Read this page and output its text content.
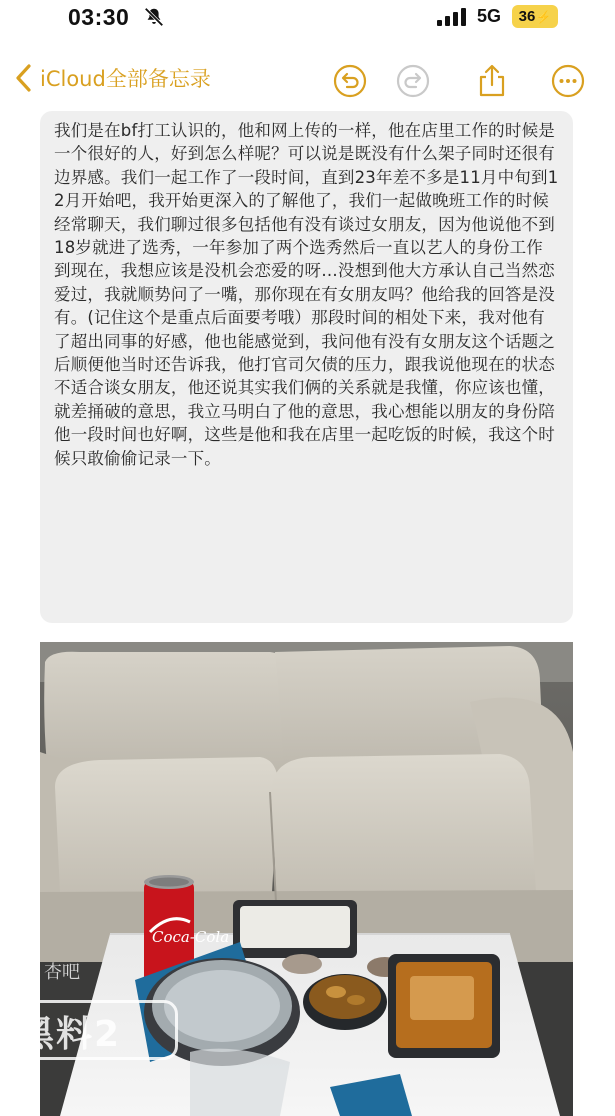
03:30	5G 36 ⚡
iCloud全部备忘录
我们是在bf打工认识的，他和网上传的一样，他在店里工作的时候是一个很好的人，好到怎么样呢？可以说是既没有什么架子同时还很有边界感。我们一起工作了一段时间，直到23年差不多是11月中旬到12月开始吧，我开始更深入的了解他了，我们一起做晚班工作的时候经常聊天，我们聊过很多包括他有没有谈过女朋友，因为他说他不到18岁就进了选秀，一年参加了两个选秀然后一直以艺人的身份工作到现在，我想应该是没机会恋爱的呀…没想到他大方承认自己当然恋爱过，我就顺势问了一嘴，那你现在有女朋友吗？他给我的回答是没有。(记住这个是重点后面要考哦）那段时间的相处下来，我对他有了超出同事的好感，他也能感觉到，我问他有没有女朋友这个话题之后顺便他当时还告诉我，他打官司欠债的压力，跟我说他现在的状态不适合谈女朋友，他还说其实我们俩的关系就是我懂，你应该也懂，就差捅破的意思，我立马明白了他的意思，我心想能以朋友的身份陪他一段时间也好啊，这些是他和我在店里一起吃饭的时候，我这个时候只敢偷偷记录一下。
Coca-Cola
杏吧
黑料2
